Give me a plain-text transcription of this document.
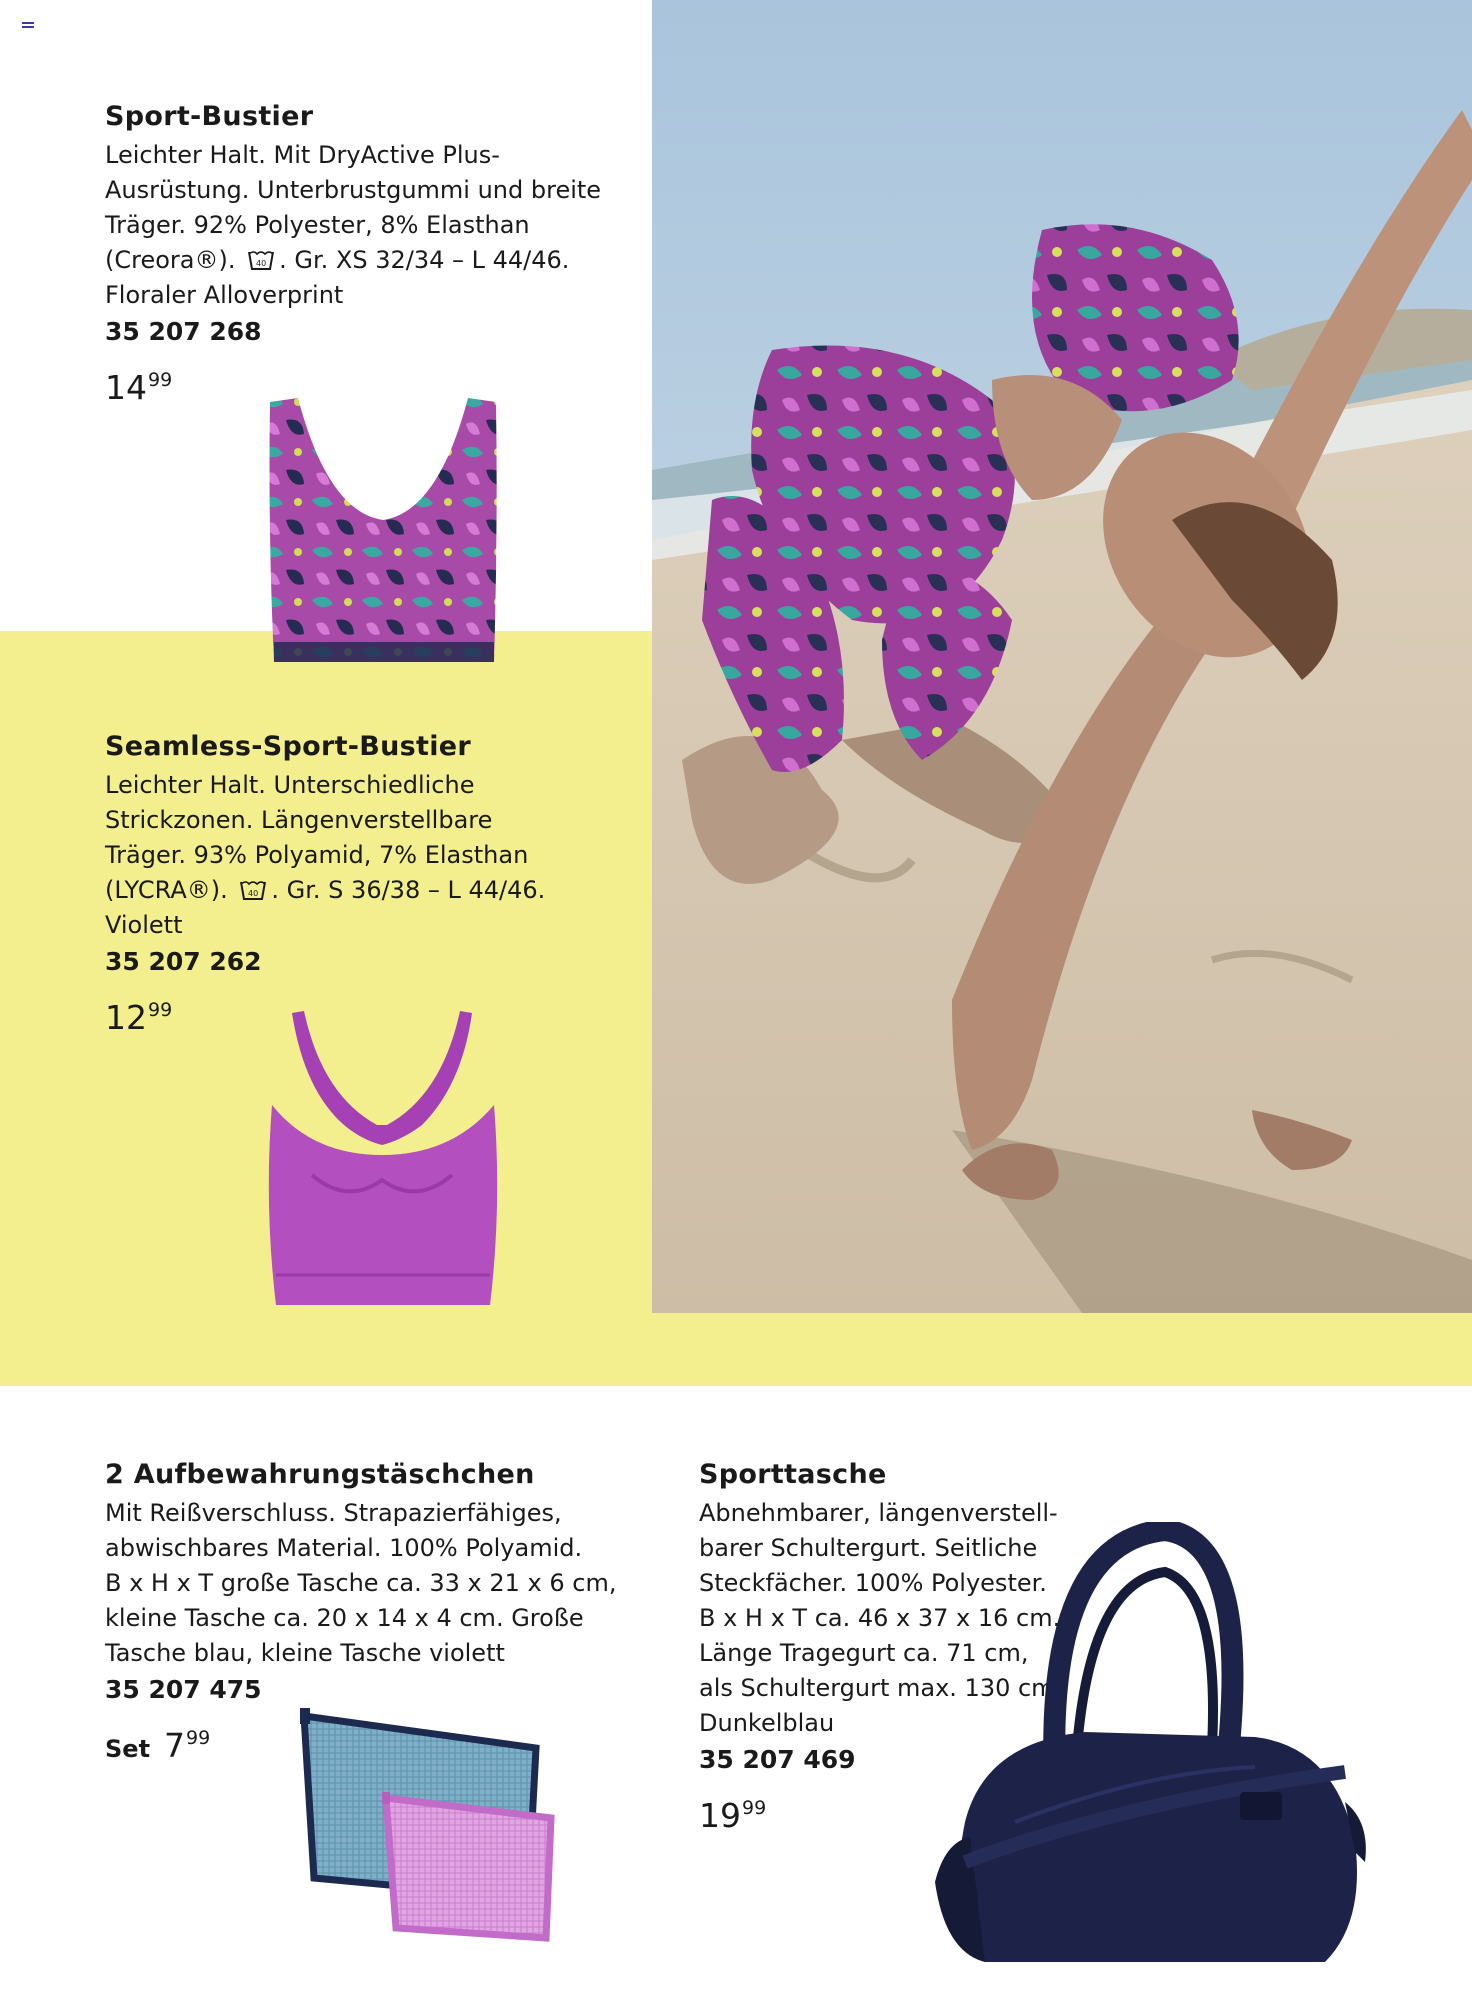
Sport-Bustier

Leichter Halt. Mit DryActive Plus-
Ausrüstung. Unterbrustgummi und breite
Träger. 92% Polyester, 8% Elasthan
(Creora®).	40 . Gr. XS 32/34 – L 44/46.
Floraler Alloverprint

35 207 268
$14^{99}$
Seamless-Sport-Bustier

Leichter Halt. Unterschiedliche
Strickzonen. Längenverstellbare
Träger. 93% Polyamid, 7% Elasthan
(LYCRA®).	40 . Gr. S 36/38 – L 44/46.
Violett

35 207 262
$12^{99}$
2 Aufbewahrungstäschchen

Mit Reißverschluss. Strapazierfähiges,
abwischbares Material. 100% Polyamid.
B x H x T große Tasche ca. 33 x 21 x 6 cm,
kleine Tasche ca. 20 x 14 x 4 cm. Große
Tasche blau, kleine Tasche violett

35 207 475
Set $7^{99}$
Sporttasche

Abnehmbarer, längenverstell-
barer Schultergurt. Seitliche
Steckfächer. 100% Polyester.
B x H x T ca. 46 x 37 x 16 cm.
Länge Tragegurt ca. 71 cm,
als Schultergurt max. 130 cm.
Dunkelblau

35 207 469
$19^{99}$
